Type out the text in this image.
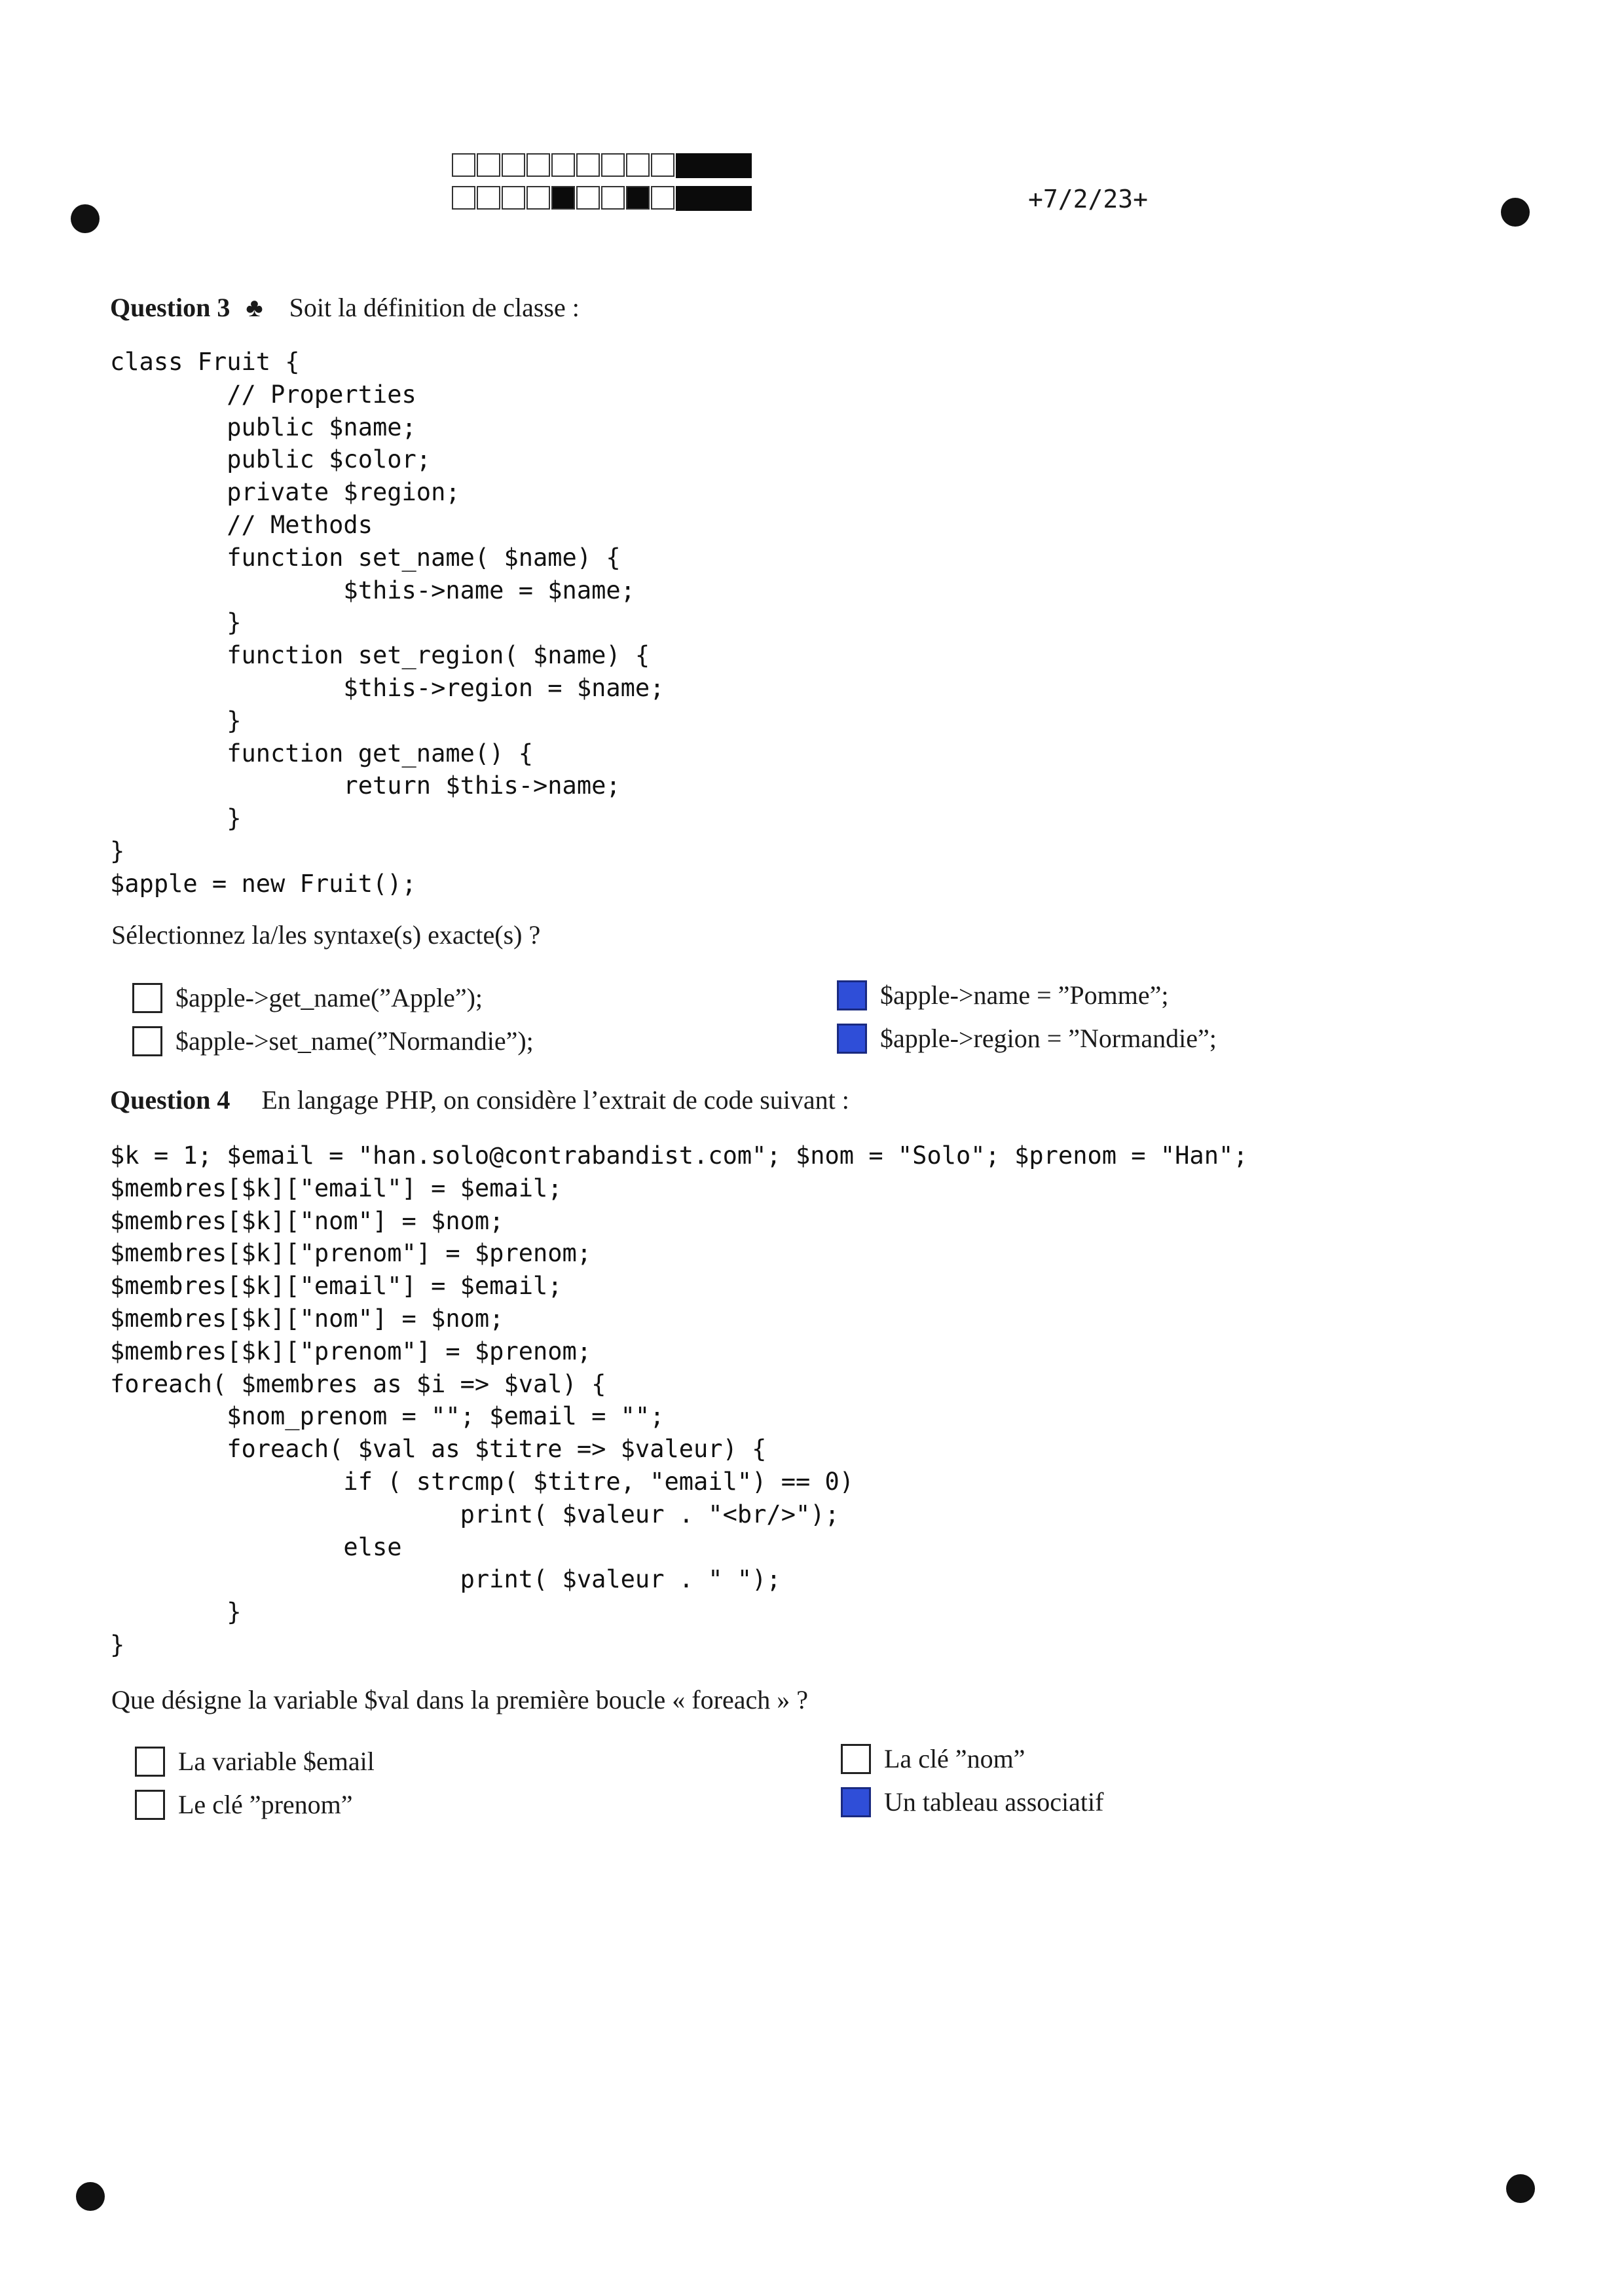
+7/2/23+
Question 3 ♣ Soit la définition de classe :
class Fruit {
// Properties
public $name;
public $color;
private $region;
// Methods
function set_name( $name) {
$this->name = $name;
}
function set_region( $name) {
$this->region = $name;
}
function get_name() {
return $this->name;
}
}
$apple = new Fruit();
Sélectionnez la/les syntaxe(s) exacte(s) ?
$apple->get_name(”Apple”);
$apple->set_name(”Normandie”);
$apple->name = ”Pomme”;
$apple->region = ”Normandie”;
Question 4 En langage PHP, on considère l’extrait de code suivant :
$k = 1; $email = "han.solo@contrabandist.com"; $nom = "Solo"; $prenom = "Han";
$membres[$k]["email"] = $email;
$membres[$k]["nom"] = $nom;
$membres[$k]["prenom"] = $prenom;
$membres[$k]["email"] = $email;
$membres[$k]["nom"] = $nom;
$membres[$k]["prenom"] = $prenom;
foreach( $membres as $i => $val) {
$nom_prenom = ""; $email = "";
foreach( $val as $titre => $valeur) {
if ( strcmp( $titre, "email") == 0)
print( $valeur . "<br/>");
else
print( $valeur . " ");
}
}
Que désigne la variable $val dans la première boucle « foreach » ?
La variable $email
Le clé ”prenom”
La clé ”nom”
Un tableau associatif
